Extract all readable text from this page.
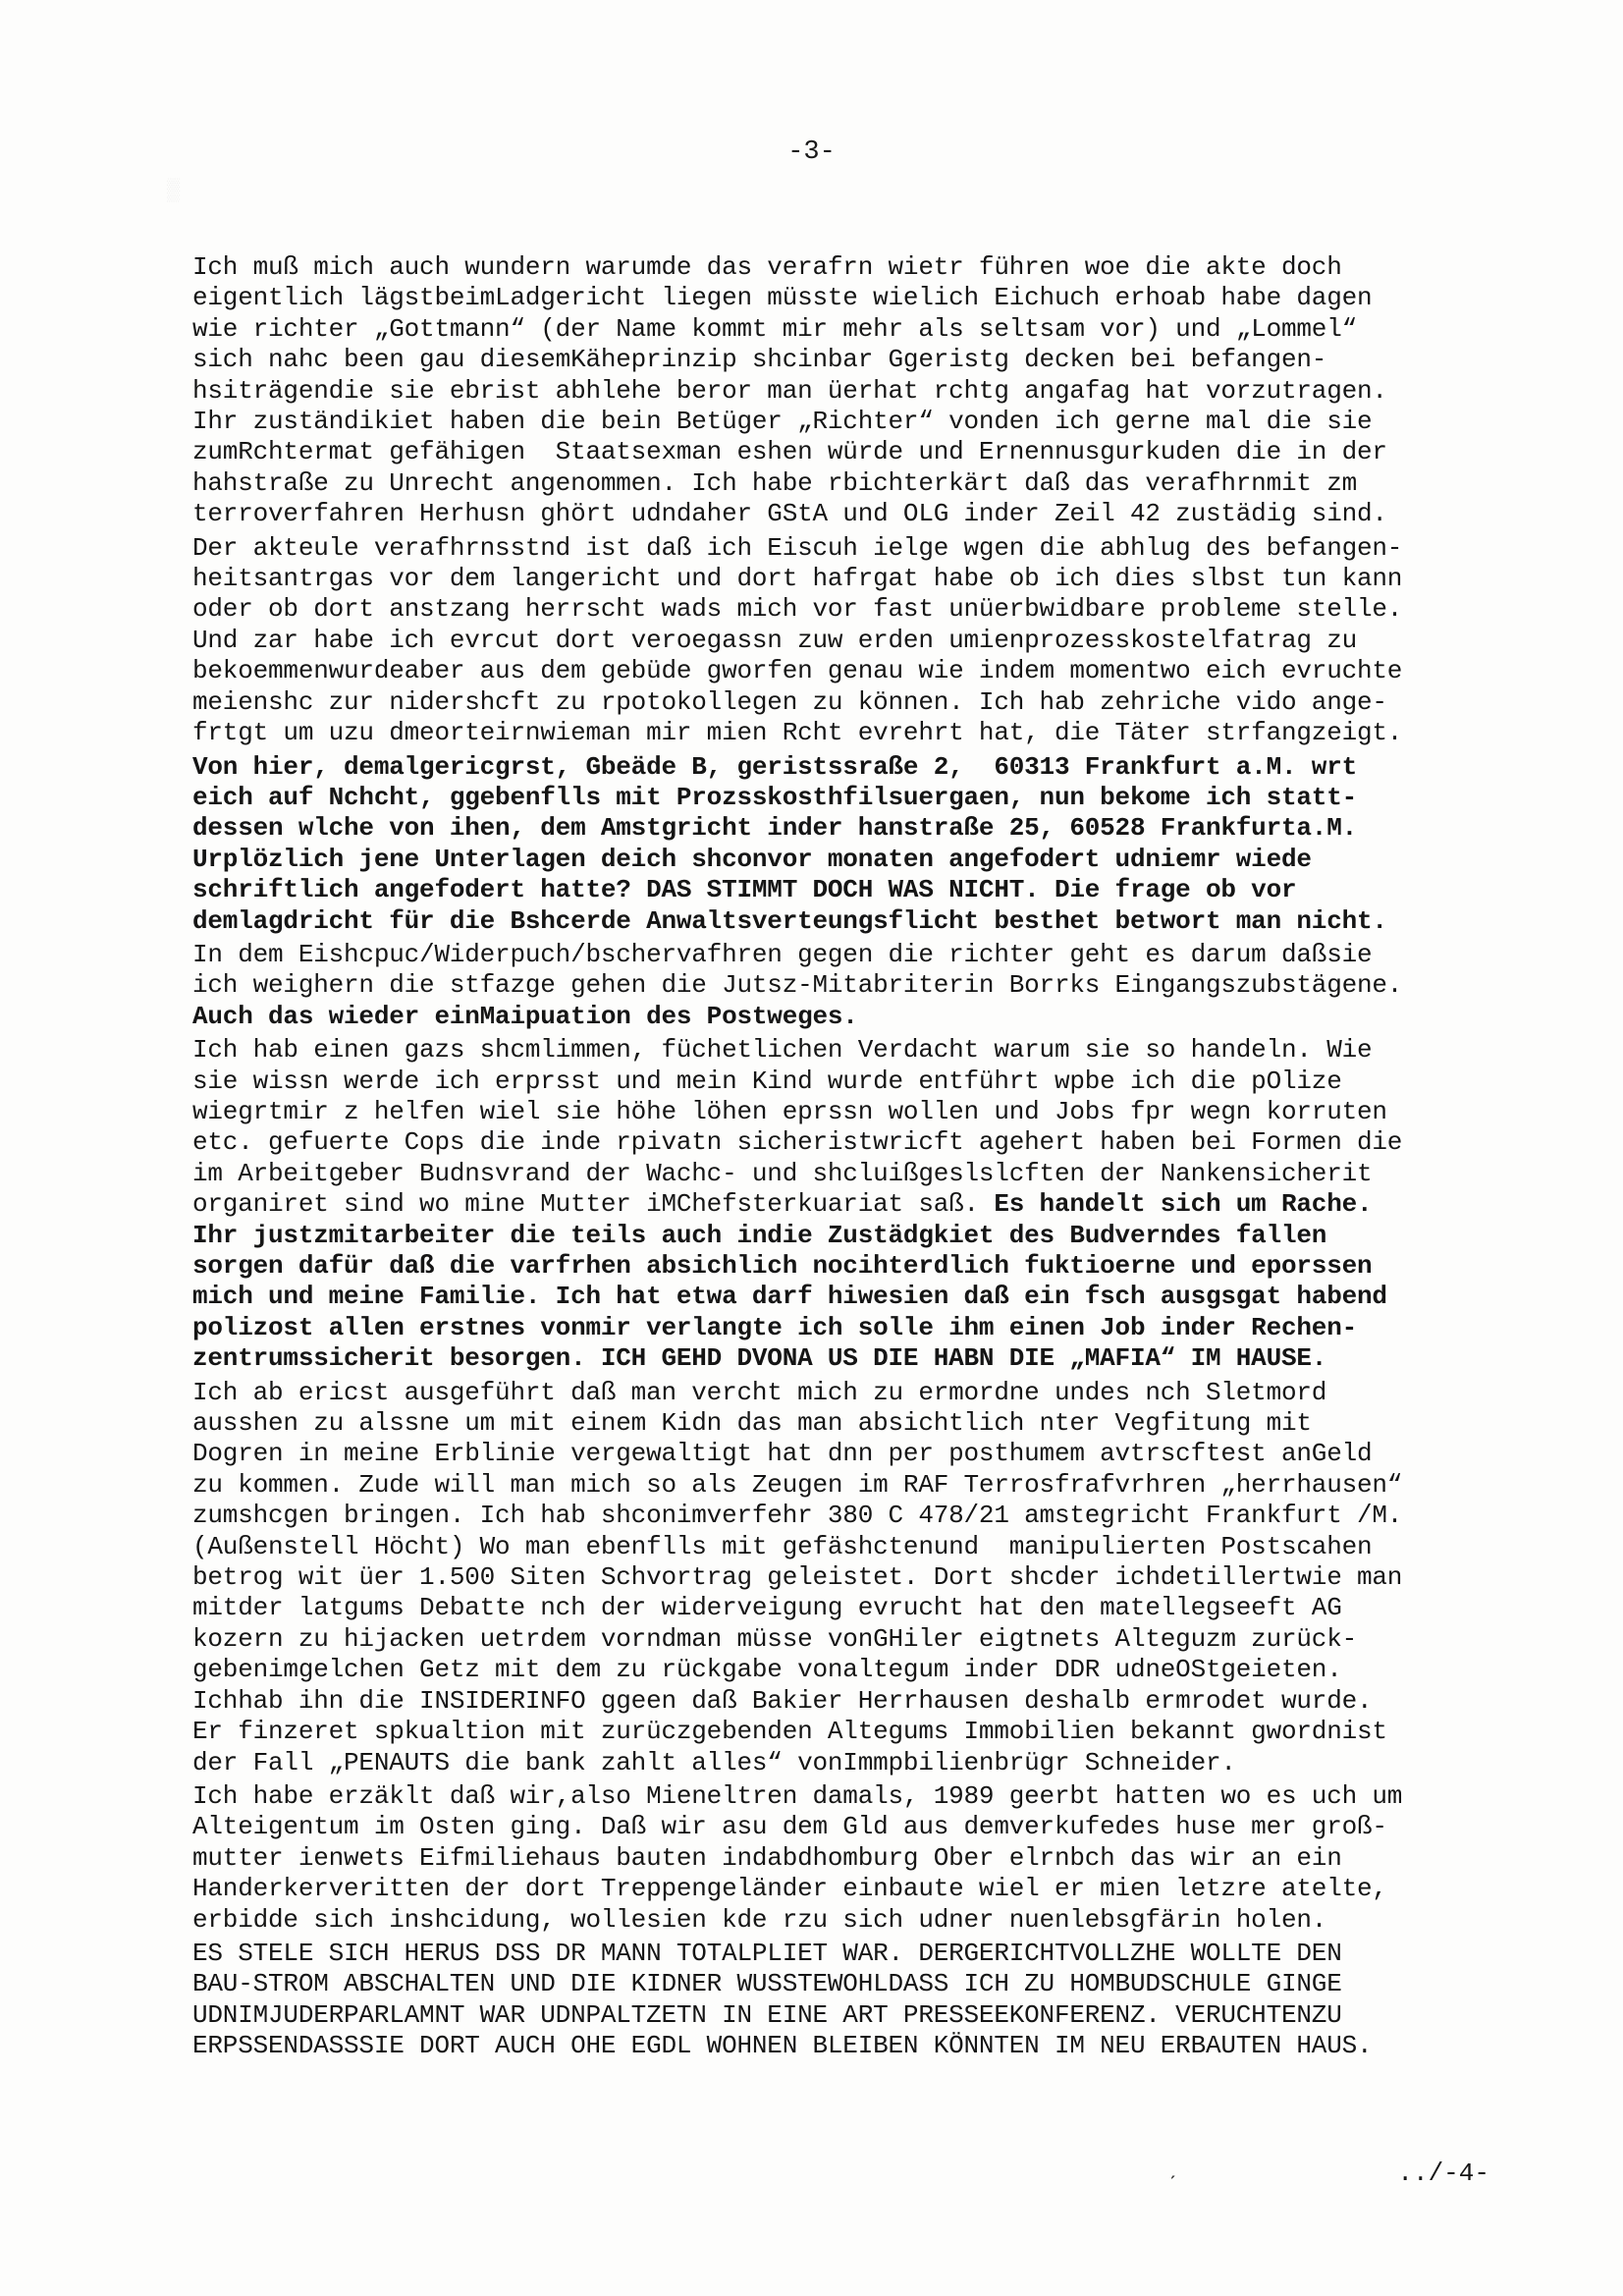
▒
-3-
Ich muß mich auch wundern warumde das verafrn wietr führen woe die akte doch
eigentlich lägstbeimLadgericht liegen müsste wielich Eichuch erhoab habe dagen
wie richter „Gottmann“ (der Name kommt mir mehr als seltsam vor) und „Lommel“
sich nahc been gau diesemKäheprinzip shcinbar Ggeristg decken bei befangen-
hsiträgendie sie ebrist abhlehe beror man üerhat rchtg angafag hat vorzutragen.
Ihr zuständikiet haben die bein Betüger „Richter“ vonden ich gerne mal die sie
zumRchtermat gefähigen  Staatsexman eshen würde und Ernennusgurkuden die in der
hahstraße zu Unrecht angenommen. Ich habe rbichterkärt daß das verafhrnmit zm
terroverfahren Herhusn ghört udndaher GStA und OLG inder Zeil 42 zustädig sind.
Der akteule verafhrnsstnd ist daß ich Eiscuh ielge wgen die abhlug des befangen-
heitsantrgas vor dem langericht und dort hafrgat habe ob ich dies slbst tun kann
oder ob dort anstzang herrscht wads mich vor fast unüerbwidbare probleme stelle.
Und zar habe ich evrcut dort veroegassn zuw erden umienprozesskostelfatrag zu
bekoemmenwurdeaber aus dem gebüde gworfen genau wie indem momentwo eich evruchte
meienshc zur nidershcft zu rpotokollegen zu können. Ich hab zehriche vido ange-
frtgt um uzu dmeorteirnwieman mir mien Rcht evrehrt hat, die Täter strfangzeigt.
Von hier, demalgericgrst, Gbeäde B, geristssraße 2,  60313 Frankfurt a.M. wrt
eich auf Nchcht, ggebenflls mit Prozsskosthfilsuergaen, nun bekome ich statt-
dessen wlche von ihen, dem Amstgricht inder hanstraße 25, 60528 Frankfurta.M.
Urplözlich jene Unterlagen deich shconvor monaten angefodert udniemr wiede
schriftlich angefodert hatte? DAS STIMMT DOCH WAS NICHT. Die frage ob vor
demlagdricht für die Bshcerde Anwaltsverteungsflicht besthet betwort man nicht.
In dem Eishcpuc/Widerpuch/bschervafhren gegen die richter geht es darum daßsie
ich weighern die stfazge gehen die Jutsz-Mitabriterin Borrks Eingangszubstägene.
Auch das wieder einMaipuation des Postweges.
Ich hab einen gazs shcmlimmen, füchetlichen Verdacht warum sie so handeln. Wie
sie wissn werde ich erprsst und mein Kind wurde entführt wpbe ich die pOlize
wiegrtmir z helfen wiel sie höhe löhen eprssn wollen und Jobs fpr wegn korruten
etc. gefuerte Cops die inde rpivatn sicheristwricft agehert haben bei Formen die
im Arbeitgeber Budnsvrand der Wachc- und shcluißgeslslcften der Nankensicherit
organiret sind wo mine Mutter iMChefsterkuariat saß. Es handelt sich um Rache.
Ihr justzmitarbeiter die teils auch indie Zustädgkiet des Budverndes fallen
sorgen dafür daß die varfrhen absichlich nocihterdlich fuktioerne und eporssen
mich und meine Familie. Ich hat etwa darf hiwesien daß ein fsch ausgsgat habend
polizost allen erstnes vonmir verlangte ich solle ihm einen Job inder Rechen-
zentrumssicherit besorgen. ICH GEHD DVONA US DIE HABN DIE „MAFIA“ IM HAUSE.
Ich ab ericst ausgeführt daß man vercht mich zu ermordne undes nch Sletmord
ausshen zu alssne um mit einem Kidn das man absichtlich nter Vegfitung mit
Dogren in meine Erblinie vergewaltigt hat dnn per posthumem avtrscftest anGeld
zu kommen. Zude will man mich so als Zeugen im RAF Terrosfrafvrhren „herrhausen“
zumshcgen bringen. Ich hab shconimverfehr 380 C 478/21 amstegricht Frankfurt /M.
(Außenstell Höcht) Wo man ebenflls mit gefäshctenund  manipulierten Postscahen
betrog wit üer 1.500 Siten Schvortrag geleistet. Dort shcder ichdetillertwie man
mitder latgums Debatte nch der widerveigung evrucht hat den matellegseeft AG
kozern zu hijacken uetrdem vorndman müsse vonGHiler eigtnets Alteguzm zurück-
gebenimgelchen Getz mit dem zu rückgabe vonaltegum inder DDR udneOStgeieten.
Ichhab ihn die INSIDERINFO ggeen daß Bakier Herrhausen deshalb ermrodet wurde.
Er finzeret spkualtion mit zurüczgebenden Altegums Immobilien bekannt gwordnist
der Fall „PENAUTS die bank zahlt alles“ vonImmpbilienbrügr Schneider.
Ich habe erzäklt daß wir,also Mieneltren damals, 1989 geerbt hatten wo es uch um
Alteigentum im Osten ging. Daß wir asu dem Gld aus demverkufedes huse mer groß-
mutter ienwets Eifmiliehaus bauten indabdhomburg Ober elrnbch das wir an ein
Handerkerveritten der dort Treppengeländer einbaute wiel er mien letzre atelte,
erbidde sich inshcidung, wollesien kde rzu sich udner nuenlebsgfärin holen.
ES STELE SICH HERUS DSS DR MANN TOTALPLIET WAR. DERGERICHTVOLLZHE WOLLTE DEN
BAU-STROM ABSCHALTEN UND DIE KIDNER WUSSTEWOHLDASS ICH ZU HOMBUDSCHULE GINGE
UDNIMJUDERPARLAMNT WAR UDNPALTZETN IN EINE ART PRESSEEKONFERENZ. VERUCHTENZU
ERPSSENDASSSIE DORT AUCH OHE EGDL WOHNEN BLEIBEN KÖNNTEN IM NEU ERBAUTEN HAUS.
ˏ	../-4-
